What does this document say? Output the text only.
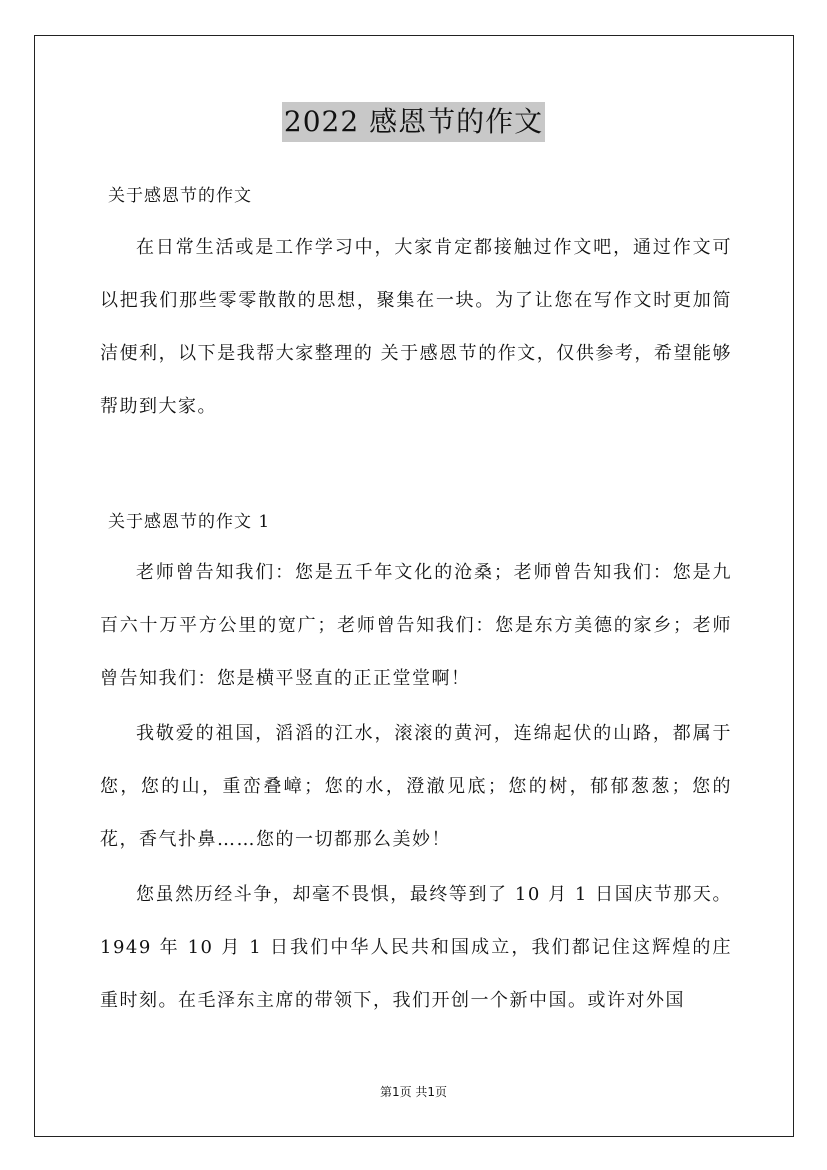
2022 感恩节的作文
关于感恩节的作文
在日常生活或是工作学习中，大家肯定都接触过作文吧，通过作文可以把我们那些零零散散的思想，聚集在一块。为了让您在写作文时更加简洁便利，以下是我帮大家整理的 关于感恩节的作文，仅供参考，希望能够帮助到大家。
关于感恩节的作文 1
老师曾告知我们：您是五千年文化的沧桑；老师曾告知我们：您是九百六十万平方公里的宽广；老师曾告知我们：您是东方美德的家乡；老师曾告知我们：您是横平竖直的正正堂堂啊！
我敬爱的祖国，滔滔的江水，滚滚的黄河，连绵起伏的山路，都属于您，您的山，重峦叠嶂；您的水，澄澈见底；您的树，郁郁葱葱；您的花，香气扑鼻……您的一切都那么美妙！
您虽然历经斗争，却毫不畏惧，最终等到了 10 月 1 日国庆节那天。1949 年 10 月 1 日我们中华人民共和国成立，我们都记住这辉煌的庄重时刻。在毛泽东主席的带领下，我们开创一个新中国。或许对外国
第1页 共1页
